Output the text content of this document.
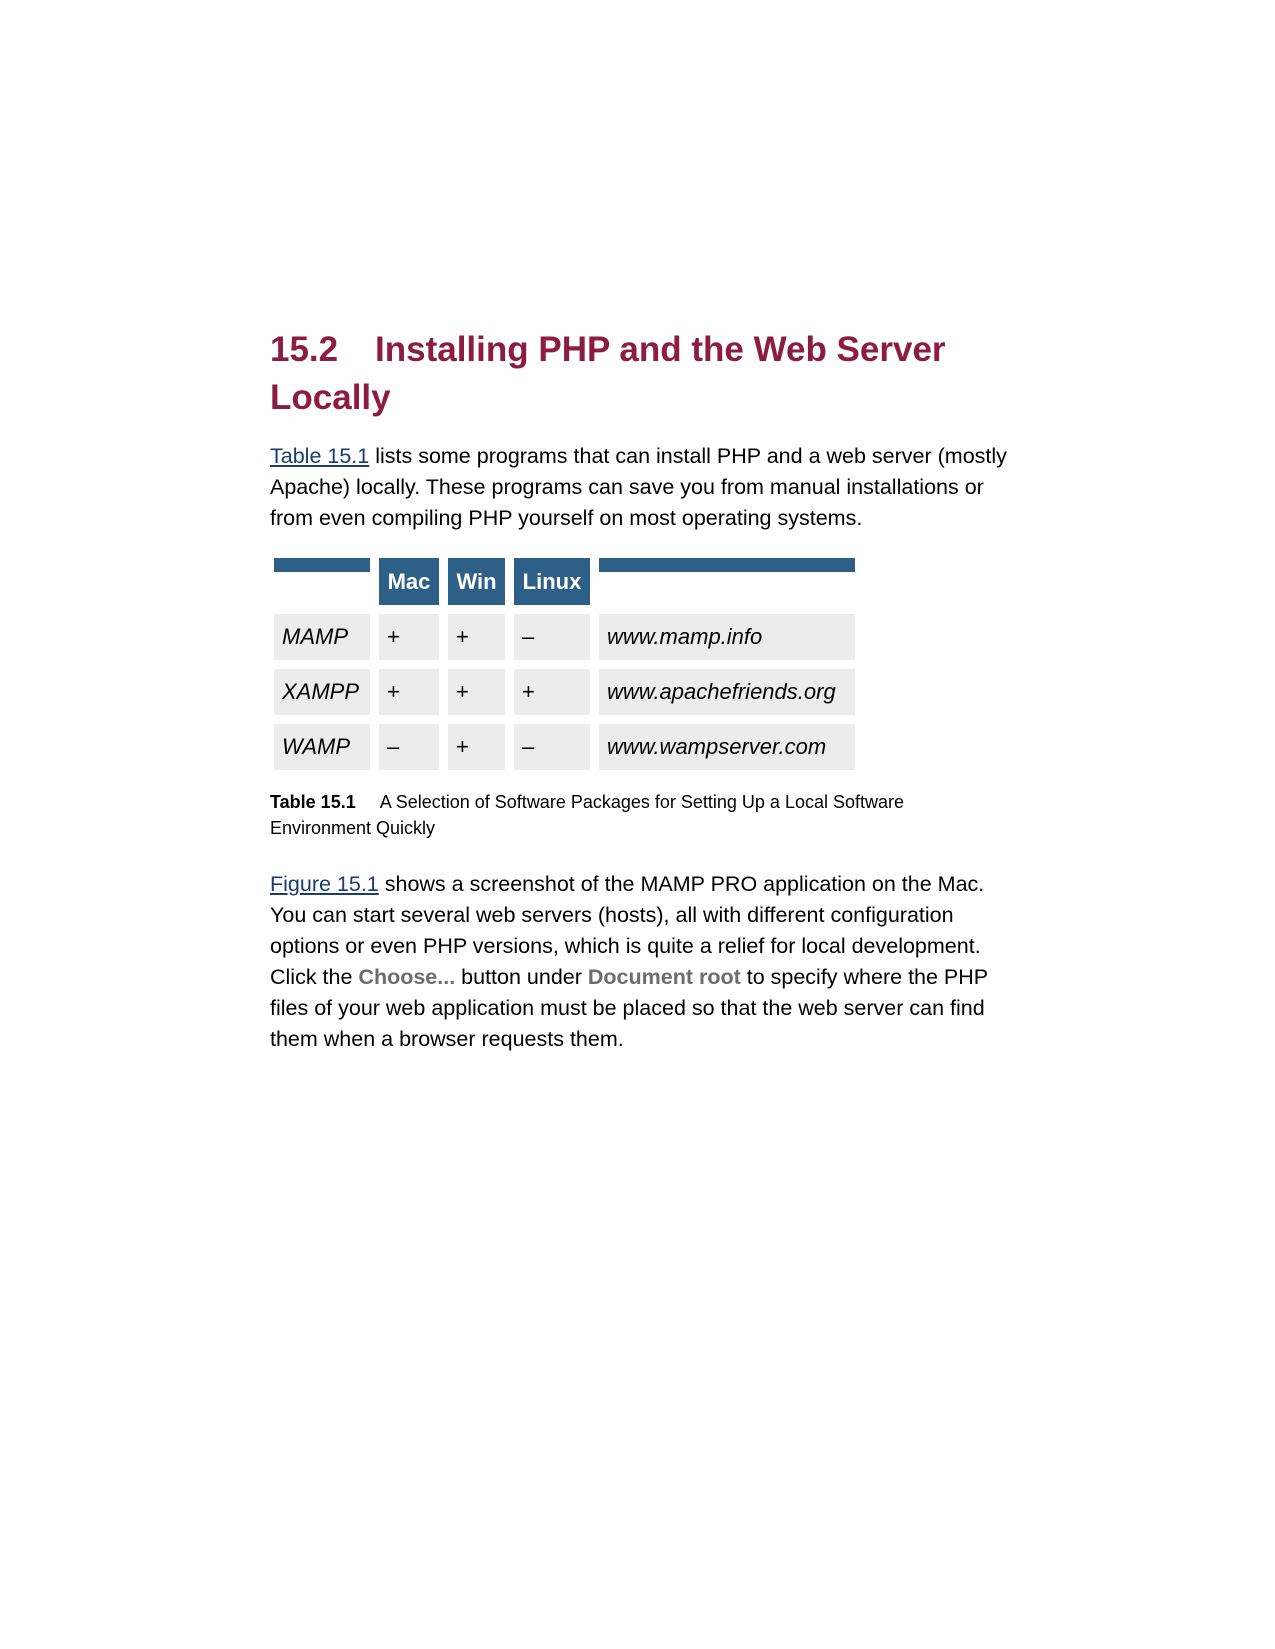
15.2 Installing PHP and the Web Server
Locally

Table 15.1 lists some programs that can install PHP and a web server (mostly Apache) locally. These programs can save you from manual installations or from even compiling PHP yourself on most operating systems.

	Mac	Win	Linux	

MAMP	+	+	–	www.mamp.info
XAMPP	+	+	+	www.apachefriends.org
WAMP	–	+	–	www.wampserver.com

Table 15.1 A Selection of Software Packages for Setting Up a Local Software Environment Quickly

Figure 15.1 shows a screenshot of the MAMP PRO application on the Mac. You can start several web servers (hosts), all with different configuration options or even PHP versions, which is quite a relief for local development. Click the Choose... button under Document root to specify where the PHP files of your web application must be placed so that the web server can find them when a browser requests them.
